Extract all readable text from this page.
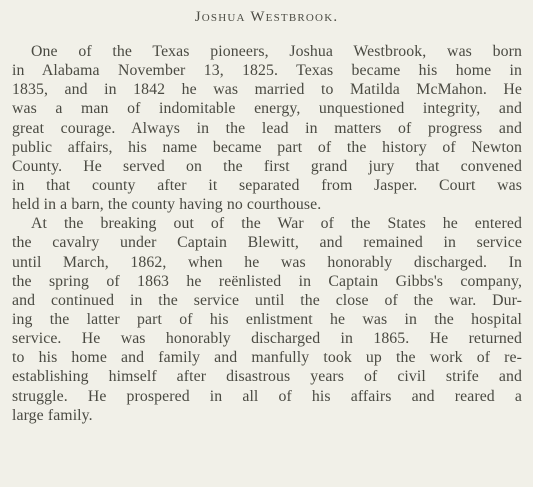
Joshua Westbrook.
One of the Texas pioneers, Joshua Westbrook, was born
in Alabama November 13, 1825. Texas became his home in
1835, and in 1842 he was married to Matilda McMahon. He
was a man of indomitable energy, unquestioned integrity, and
great courage. Always in the lead in matters of progress and
public affairs, his name became part of the history of Newton
County. He served on the first grand jury that convened
in that county after it separated from Jasper. Court was
held in a barn, the county having no courthouse.
At the breaking out of the War of the States he entered
the cavalry under Captain Blewitt, and remained in service
until March, 1862, when he was honorably discharged. In
the spring of 1863 he reënlisted in Captain Gibbs's company,
and continued in the service until the close of the war. Dur-
ing the latter part of his enlistment he was in the hospital
service. He was honorably discharged in 1865. He returned
to his home and family and manfully took up the work of re-
establishing himself after disastrous years of civil strife and
struggle. He prospered in all of his affairs and reared a
large family.
